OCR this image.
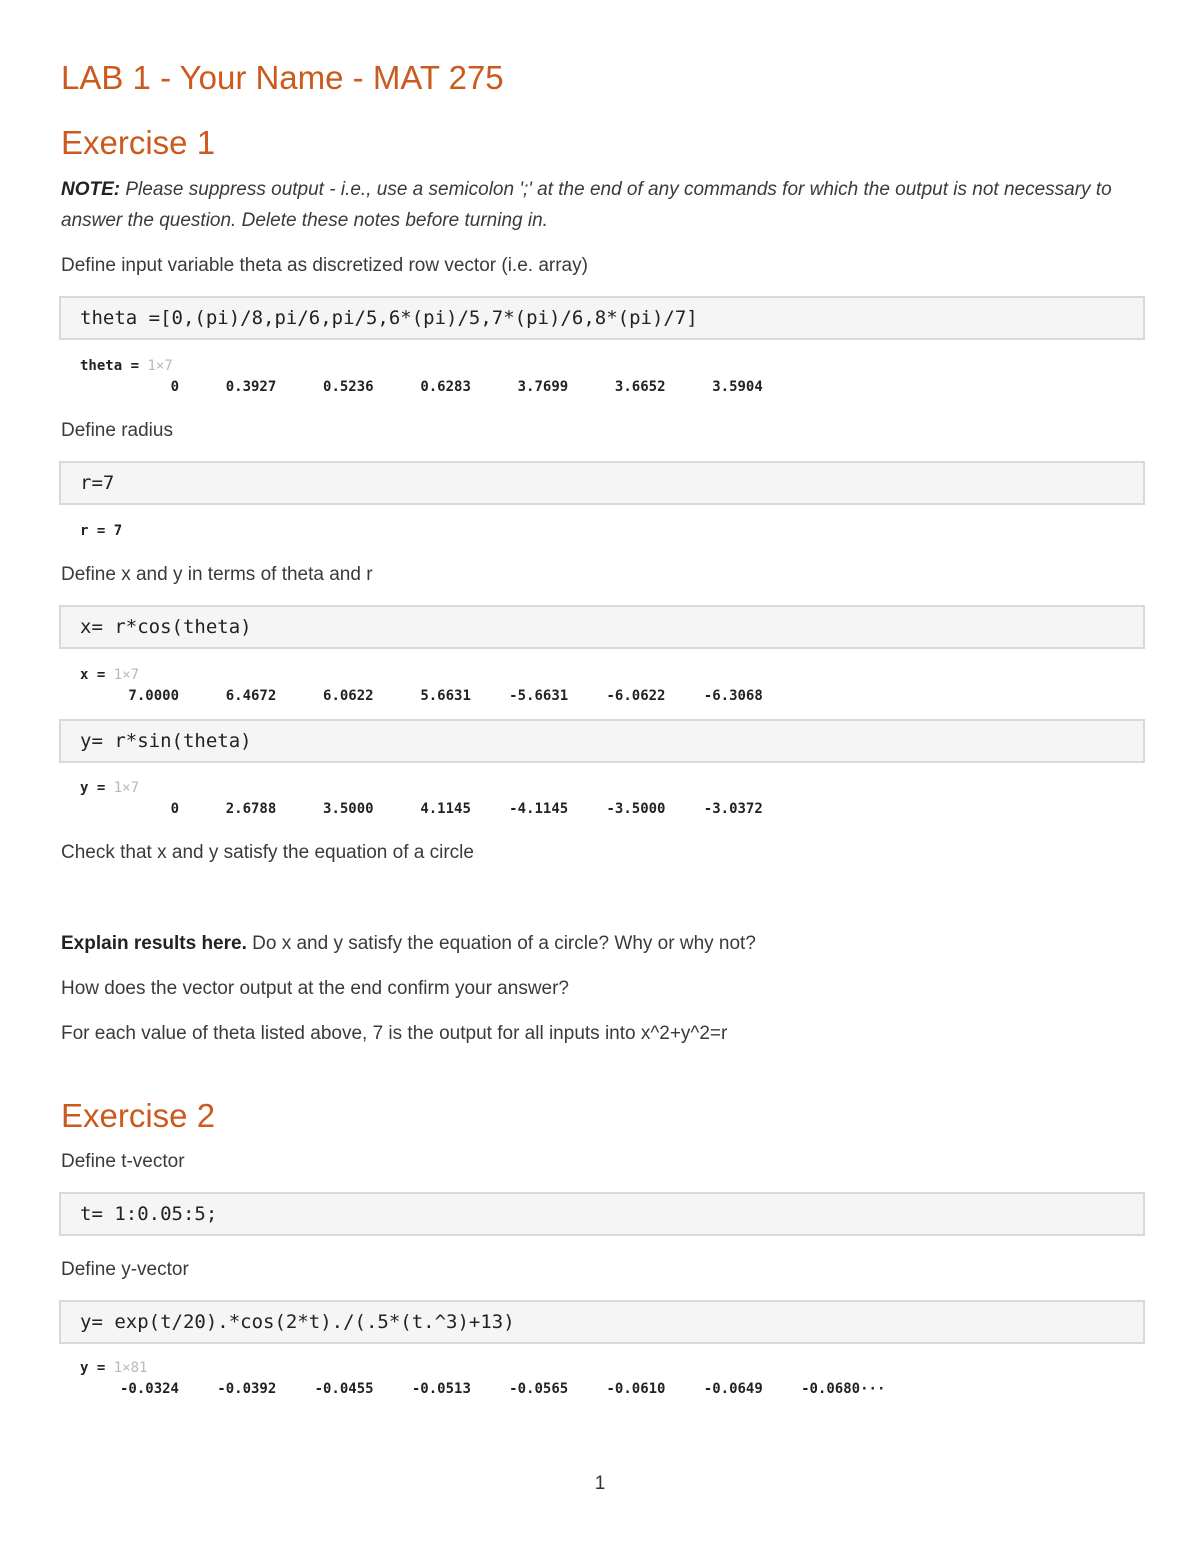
LAB 1 - Your Name - MAT 275
Exercise 1

NOTE: Please suppress output - i.e., use a semicolon ';' at the end of any commands for which the output is not necessary to answer the question. Delete these notes before turning in.

Define input variable theta as discretized row vector (i.e. array)

theta =[0,(pi)/8,pi/6,pi/5,6*(pi)/5,7*(pi)/6,8*(pi)/7]
theta = 1×7
0	0.3927	0.5236	0.6283	3.7699	3.6652	3.5904

Define radius

r=7
r = 7

Define x and y in terms of theta and r

x= r*cos(theta)
x = 1×7
7.0000	6.4672	6.0622	5.6631	-5.6631	-6.0622	-6.3068
y= r*sin(theta)
y = 1×7
0	2.6788	3.5000	4.1145	-4.1145	-3.5000	-3.0372

Check that x and y satisfy the equation of a circle

Explain results here. Do x and y satisfy the equation of a circle? Why or why not?

How does the vector output at the end confirm your answer?

For each value of theta listed above, 7 is the output for all inputs into x^2+y^2=r

Exercise 2

Define t-vector

t= 1:0.05:5;

Define y-vector

y= exp(t/20).*cos(2*t)./(.5*(t.^3)+13)
y = 1×81
-0.0324	-0.0392	-0.0455	-0.0513	-0.0565	-0.0610	-0.0649	-0.0680 ···
1
